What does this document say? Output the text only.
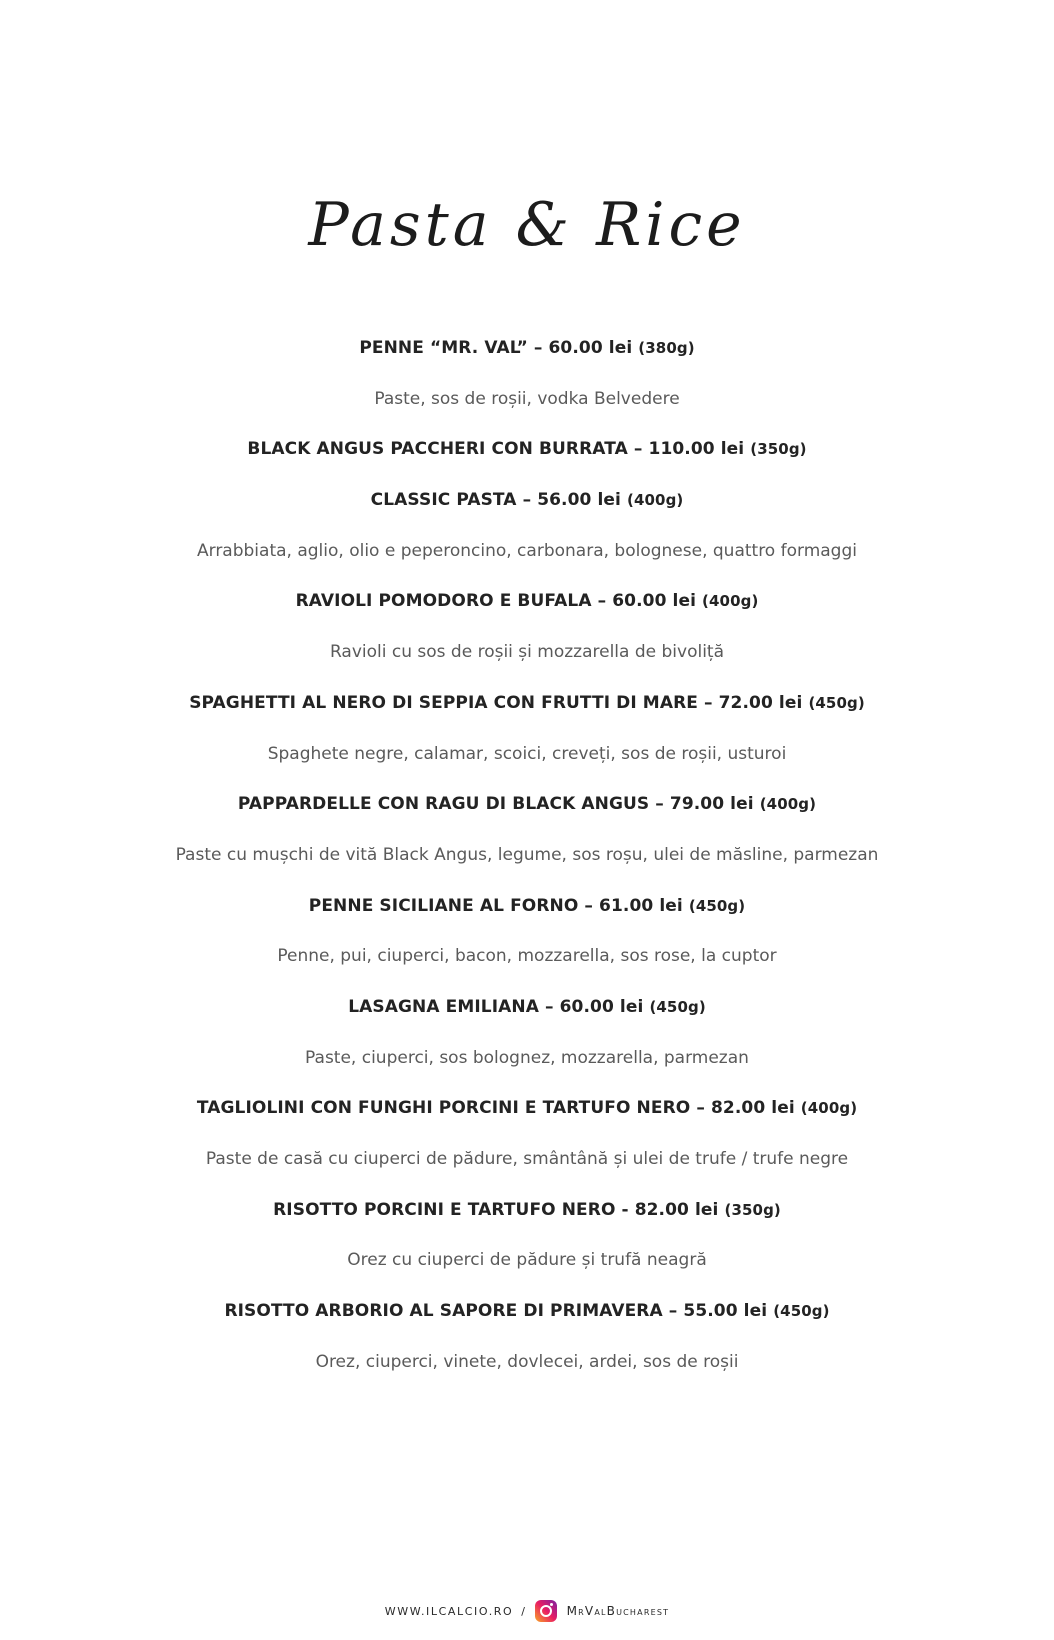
Pasta & Rice
PENNE “MR. VAL” – 60.00 lei (380g)
Paste, sos de roșii, vodka Belvedere
BLACK ANGUS PACCHERI CON BURRATA – 110.00 lei (350g)
CLASSIC PASTA – 56.00 lei (400g)
Arrabbiata, aglio, olio e peperoncino, carbonara, bolognese, quattro formaggi
RAVIOLI POMODORO E BUFALA – 60.00 lei (400g)
Ravioli cu sos de roșii și mozzarella de bivoliță
SPAGHETTI AL NERO DI SEPPIA CON FRUTTI DI MARE – 72.00 lei (450g)
Spaghete negre, calamar, scoici, creveți, sos de roșii, usturoi
PAPPARDELLE CON RAGU DI BLACK ANGUS – 79.00 lei (400g)
Paste cu mușchi de vită Black Angus, legume, sos roșu, ulei de măsline, parmezan
PENNE SICILIANE AL FORNO – 61.00 lei (450g)
Penne, pui, ciuperci, bacon, mozzarella, sos rose, la cuptor
LASAGNA EMILIANA – 60.00 lei (450g)
Paste, ciuperci, sos bolognez, mozzarella, parmezan
TAGLIOLINI CON FUNGHI PORCINI E TARTUFO NERO – 82.00 lei (400g)
Paste de casă cu ciuperci de pădure, smântână și ulei de trufe / trufe negre
RISOTTO PORCINI E TARTUFO NERO - 82.00 lei (350g)
Orez cu ciuperci de pădure și trufă neagră
RISOTTO ARBORIO AL SAPORE DI PRIMAVERA – 55.00 lei (450g)
Orez, ciuperci, vinete, dovlecei, ardei, sos de roșii
WWW.ILCALCIO.RO /	MrValBucharest
